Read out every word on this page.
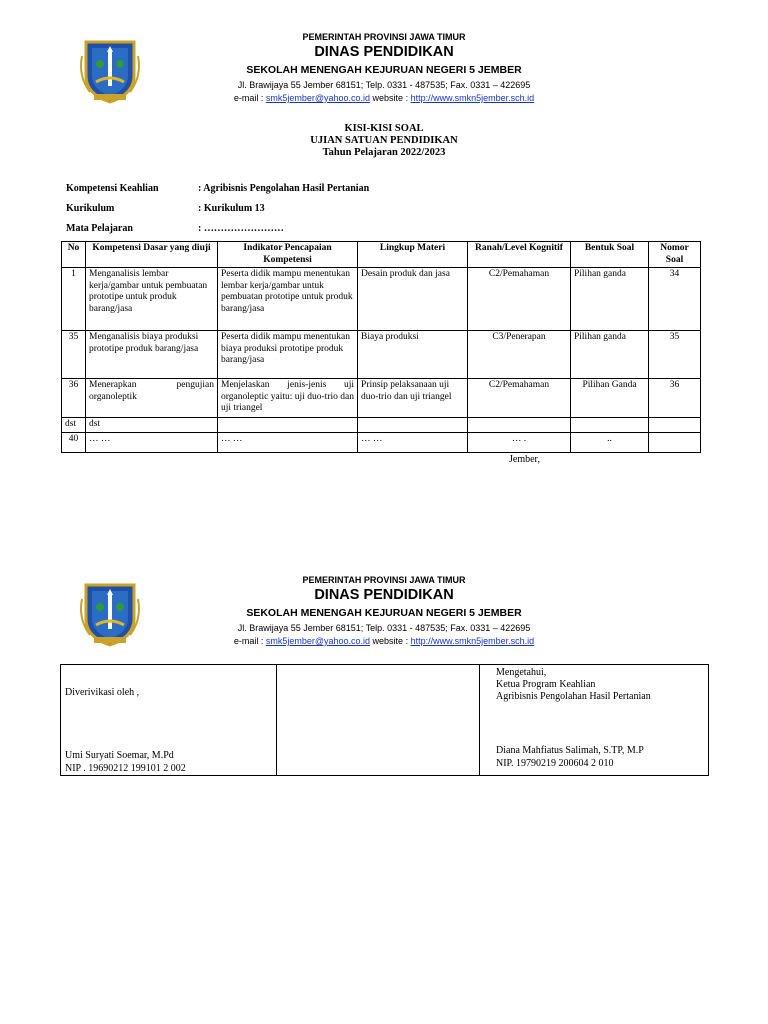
PEMERINTAH PROVINSI JAWA TIMUR
DINAS PENDIDIKAN
SEKOLAH MENENGAH KEJURUAN NEGERI 5 JEMBER
Jl. Brawijaya 55 Jember 68151; Telp. 0331 - 487535; Fax. 0331 – 422695
e-mail : smk5jember@yahoo.co.id website : http://www.smkn5jember.sch.id
KISI-KISI SOAL
UJIAN SATUAN PENDIDIKAN
Tahun Pelajaran 2022/2023
Kompetensi Keahlian	: Agribisnis Pengolahan Hasil Pertanian
Kurikulum	: Kurikulum 13
Mata Pelajaran	: ……………………
No	Kompetensi Dasar yang diuji	Indikator Pencapaian Kompetensi	Lingkup Materi	Ranah/Level Kognitif	Bentuk Soal	Nomor Soal
1	Menganalisis lembar kerja/gambar untuk pembuatan prototipe untuk produk barang/jasa	Peserta didik mampu menentukan lembar kerja/gambar untuk pembuatan prototipe untuk produk barang/jasa	Desain produk dan jasa	C2/Pemahaman	Pilihan ganda	34
35	Menganalisis biaya produksi prototipe produk barang/jasa	Peserta didik mampu menentukan biaya produksi prototipe produk barang/jasa	Biaya produksi	C3/Penerapan	Pilihan ganda	35
36	Menerapkan pengujian organoleptik	Menjelaskan jenis-jenis uji organoleptic yaitu: uji duo-trio dan uji triangel	Prinsip pelaksanaan uji duo-trio dan uji triangel	C2/Pemahaman	Pilihan Ganda	36
dst	dst					
40	… …	… …	… …	… .	..	
Jember,
PEMERINTAH PROVINSI JAWA TIMUR
DINAS PENDIDIKAN
SEKOLAH MENENGAH KEJURUAN NEGERI 5 JEMBER
Jl. Brawijaya 55 Jember 68151; Telp. 0331 - 487535; Fax. 0331 – 422695
e-mail : smk5jember@yahoo.co.id website : http://www.smkn5jember.sch.id
Diverivikasi oleh ,
Umi Suryati Soemar, M.Pd
NIP . 19690212 199101 2 002

Mengetahui,
Ketua Program Keahlian
Agribisnis Pengolahan Hasil Pertanian
Diana Mahfiatus Salimah, S.TP, M.P
NIP. 19790219 200604 2 010
